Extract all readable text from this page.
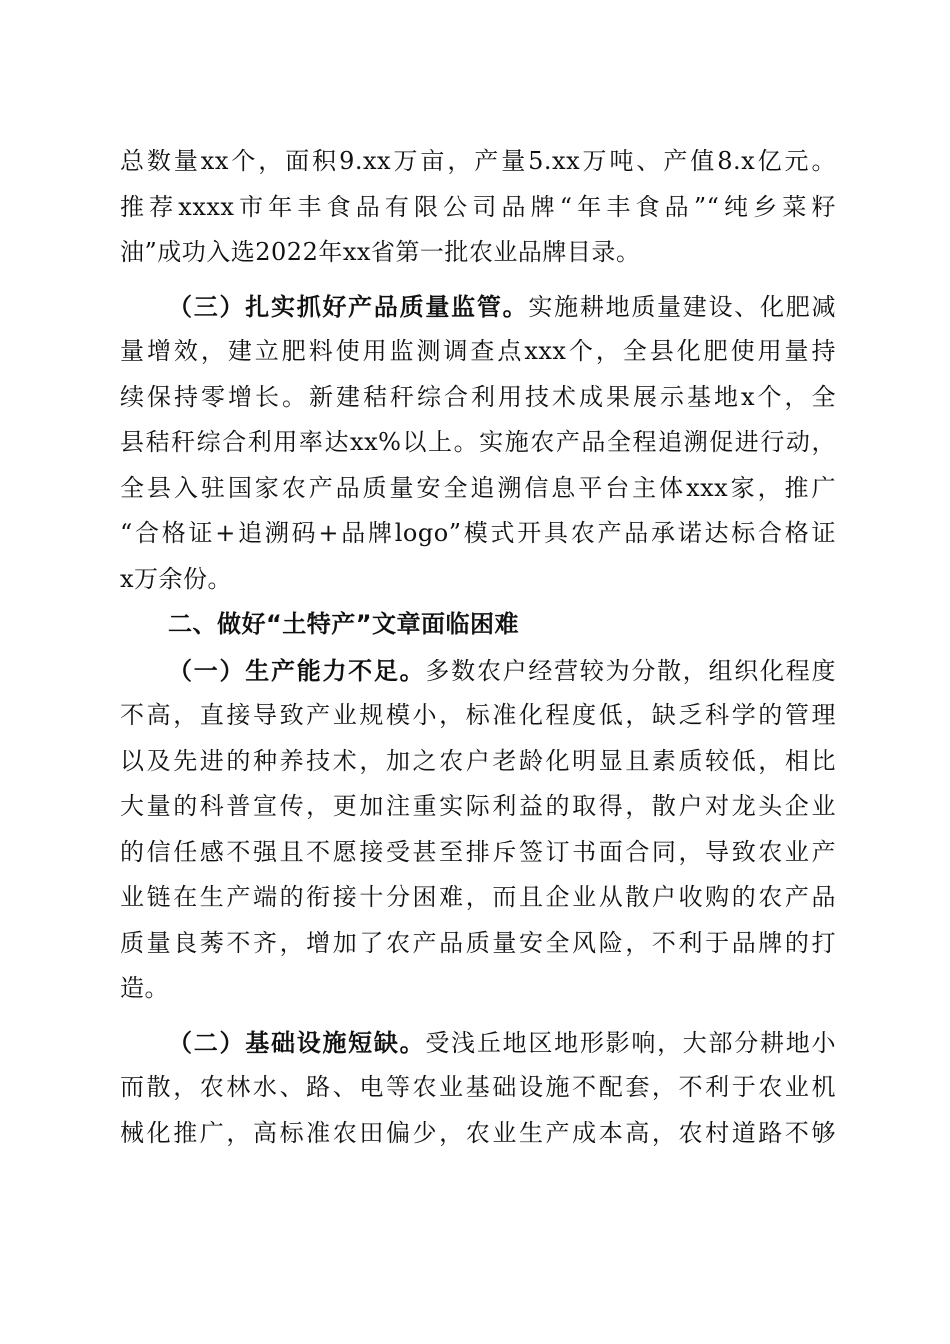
总数量xx个，面积9.xx万亩，产量5.xx万吨、产值8.x亿元。
推荐xxxx市年丰食品有限公司品牌“年丰食品”“纯乡菜籽
油”成功入选2022年xx省第一批农业品牌目录。
（三）扎实抓好产品质量监管。实施耕地质量建设、化肥减
量增效，建立肥料使用监测调查点xxx个，全县化肥使用量持
续保持零增长。新建秸秆综合利用技术成果展示基地x个，全
县秸秆综合利用率达xx%以上。实施农产品全程追溯促进行动，
全县入驻国家农产品质量安全追溯信息平台主体xxx家，推广
“合格证+追溯码+品牌logo”模式开具农产品承诺达标合格证
x万余份。
二、做好“土特产”文章面临困难
（一）生产能力不足。多数农户经营较为分散，组织化程度
不高，直接导致产业规模小，标准化程度低，缺乏科学的管理
以及先进的种养技术，加之农户老龄化明显且素质较低，相比
大量的科普宣传，更加注重实际利益的取得，散户对龙头企业
的信任感不强且不愿接受甚至排斥签订书面合同，导致农业产
业链在生产端的衔接十分困难，而且企业从散户收购的农产品
质量良莠不齐，增加了农产品质量安全风险，不利于品牌的打
造。
（二）基础设施短缺。受浅丘地区地形影响，大部分耕地小
而散，农林水、路、电等农业基础设施不配套，不利于农业机
械化推广，高标准农田偏少，农业生产成本高，农村道路不够
